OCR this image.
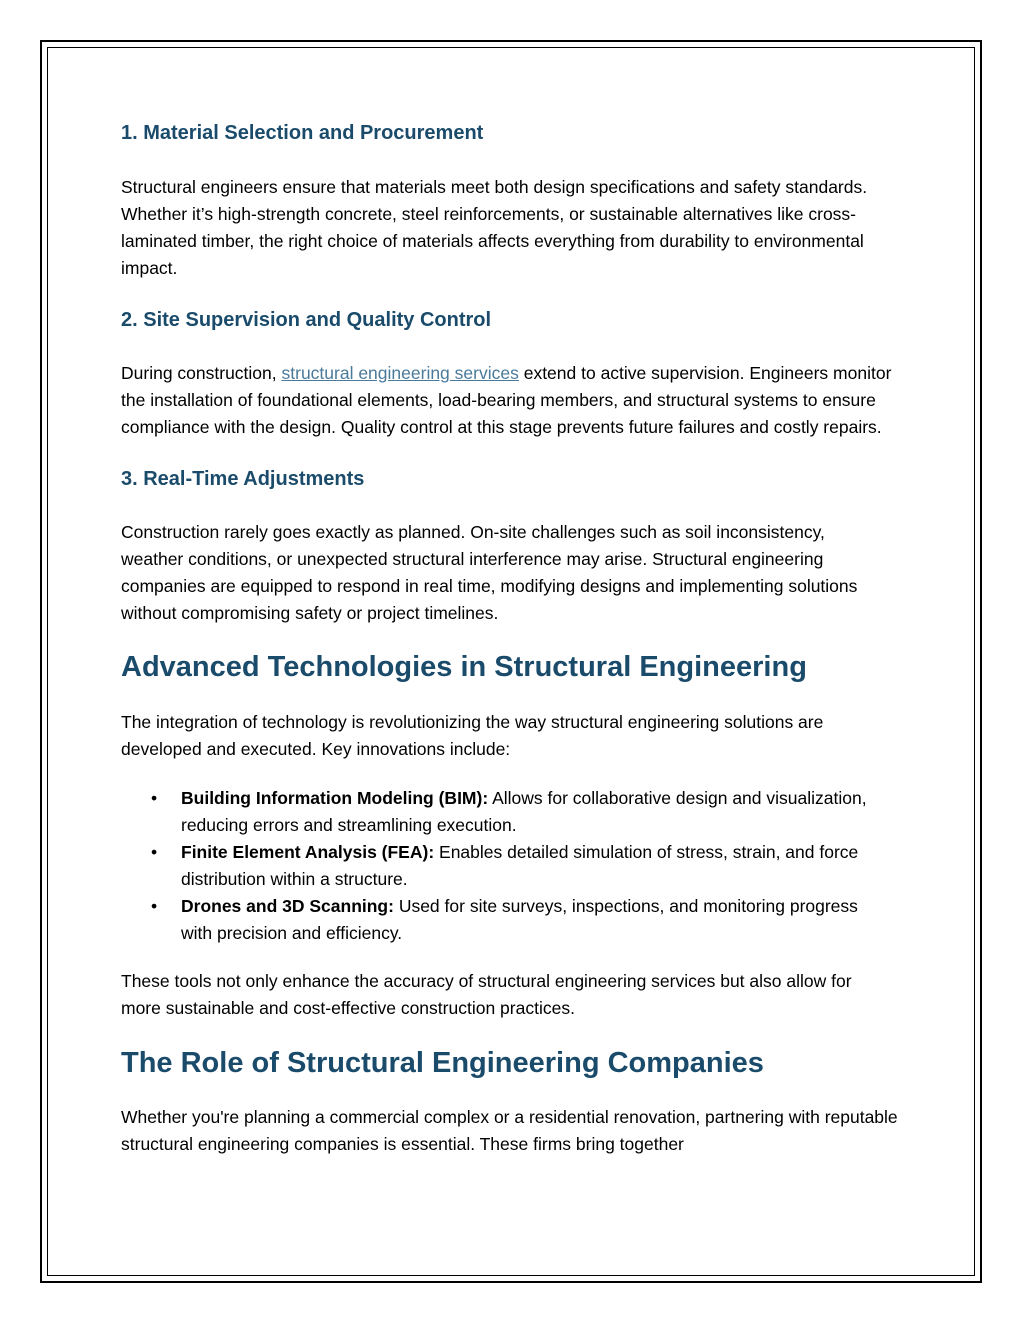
1. Material Selection and Procurement

Structural engineers ensure that materials meet both design specifications and safety standards. Whether it’s high-strength concrete, steel reinforcements, or sustainable alternatives like cross-laminated timber, the right choice of materials affects everything from durability to environmental impact.

2. Site Supervision and Quality Control

During construction, structural engineering services extend to active supervision. Engineers monitor the installation of foundational elements, load-bearing members, and structural systems to ensure compliance with the design. Quality control at this stage prevents future failures and costly repairs.

3. Real-Time Adjustments

Construction rarely goes exactly as planned. On-site challenges such as soil inconsistency, weather conditions, or unexpected structural interference may arise. Structural engineering companies are equipped to respond in real time, modifying designs and implementing solutions without compromising safety or project timelines.

Advanced Technologies in Structural Engineering

The integration of technology is revolutionizing the way structural engineering solutions are developed and executed. Key innovations include:

• Building Information Modeling (BIM): Allows for collaborative design and visualization, reducing errors and streamlining execution.
• Finite Element Analysis (FEA): Enables detailed simulation of stress, strain, and force distribution within a structure.
• Drones and 3D Scanning: Used for site surveys, inspections, and monitoring progress with precision and efficiency.

These tools not only enhance the accuracy of structural engineering services but also allow for more sustainable and cost-effective construction practices.

The Role of Structural Engineering Companies

Whether you're planning a commercial complex or a residential renovation, partnering with reputable structural engineering companies is essential. These firms bring together
